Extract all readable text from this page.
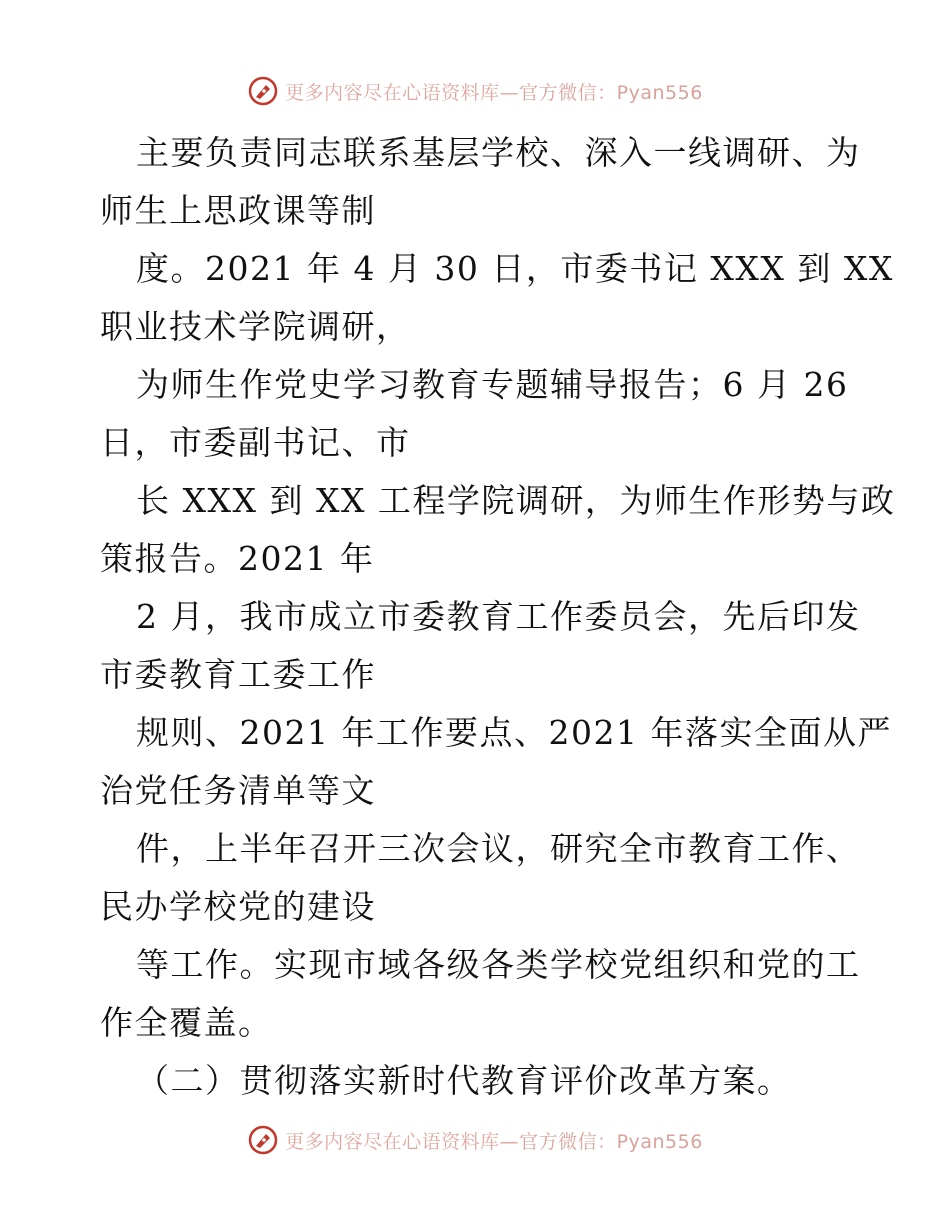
更多内容尽在心语资料库— 官方微信：Pyan556
主要负责同志联系基层学校、深入一线调研、为
师生上思政课等制
度。2021 年 4 月 30 日，市委书记 XXX 到 XX
职业技术学院调研，
为师生作党史学习教育专题辅导报告；6 月 26
日，市委副书记、市
长 XXX 到 XX 工程学院调研，为师生作形势与政
策报告。2021 年
2 月，我市成立市委教育工作委员会，先后印发
市委教育工委工作
规则、2021 年工作要点、2021 年落实全面从严
治党任务清单等文
件，上半年召开三次会议，研究全市教育工作、
民办学校党的建设
等工作。实现市域各级各类学校党组织和党的工
作全覆盖。
（二）贯彻落实新时代教育评价改革方案。
更多内容尽在心语资料库— 官方微信：Pyan556
